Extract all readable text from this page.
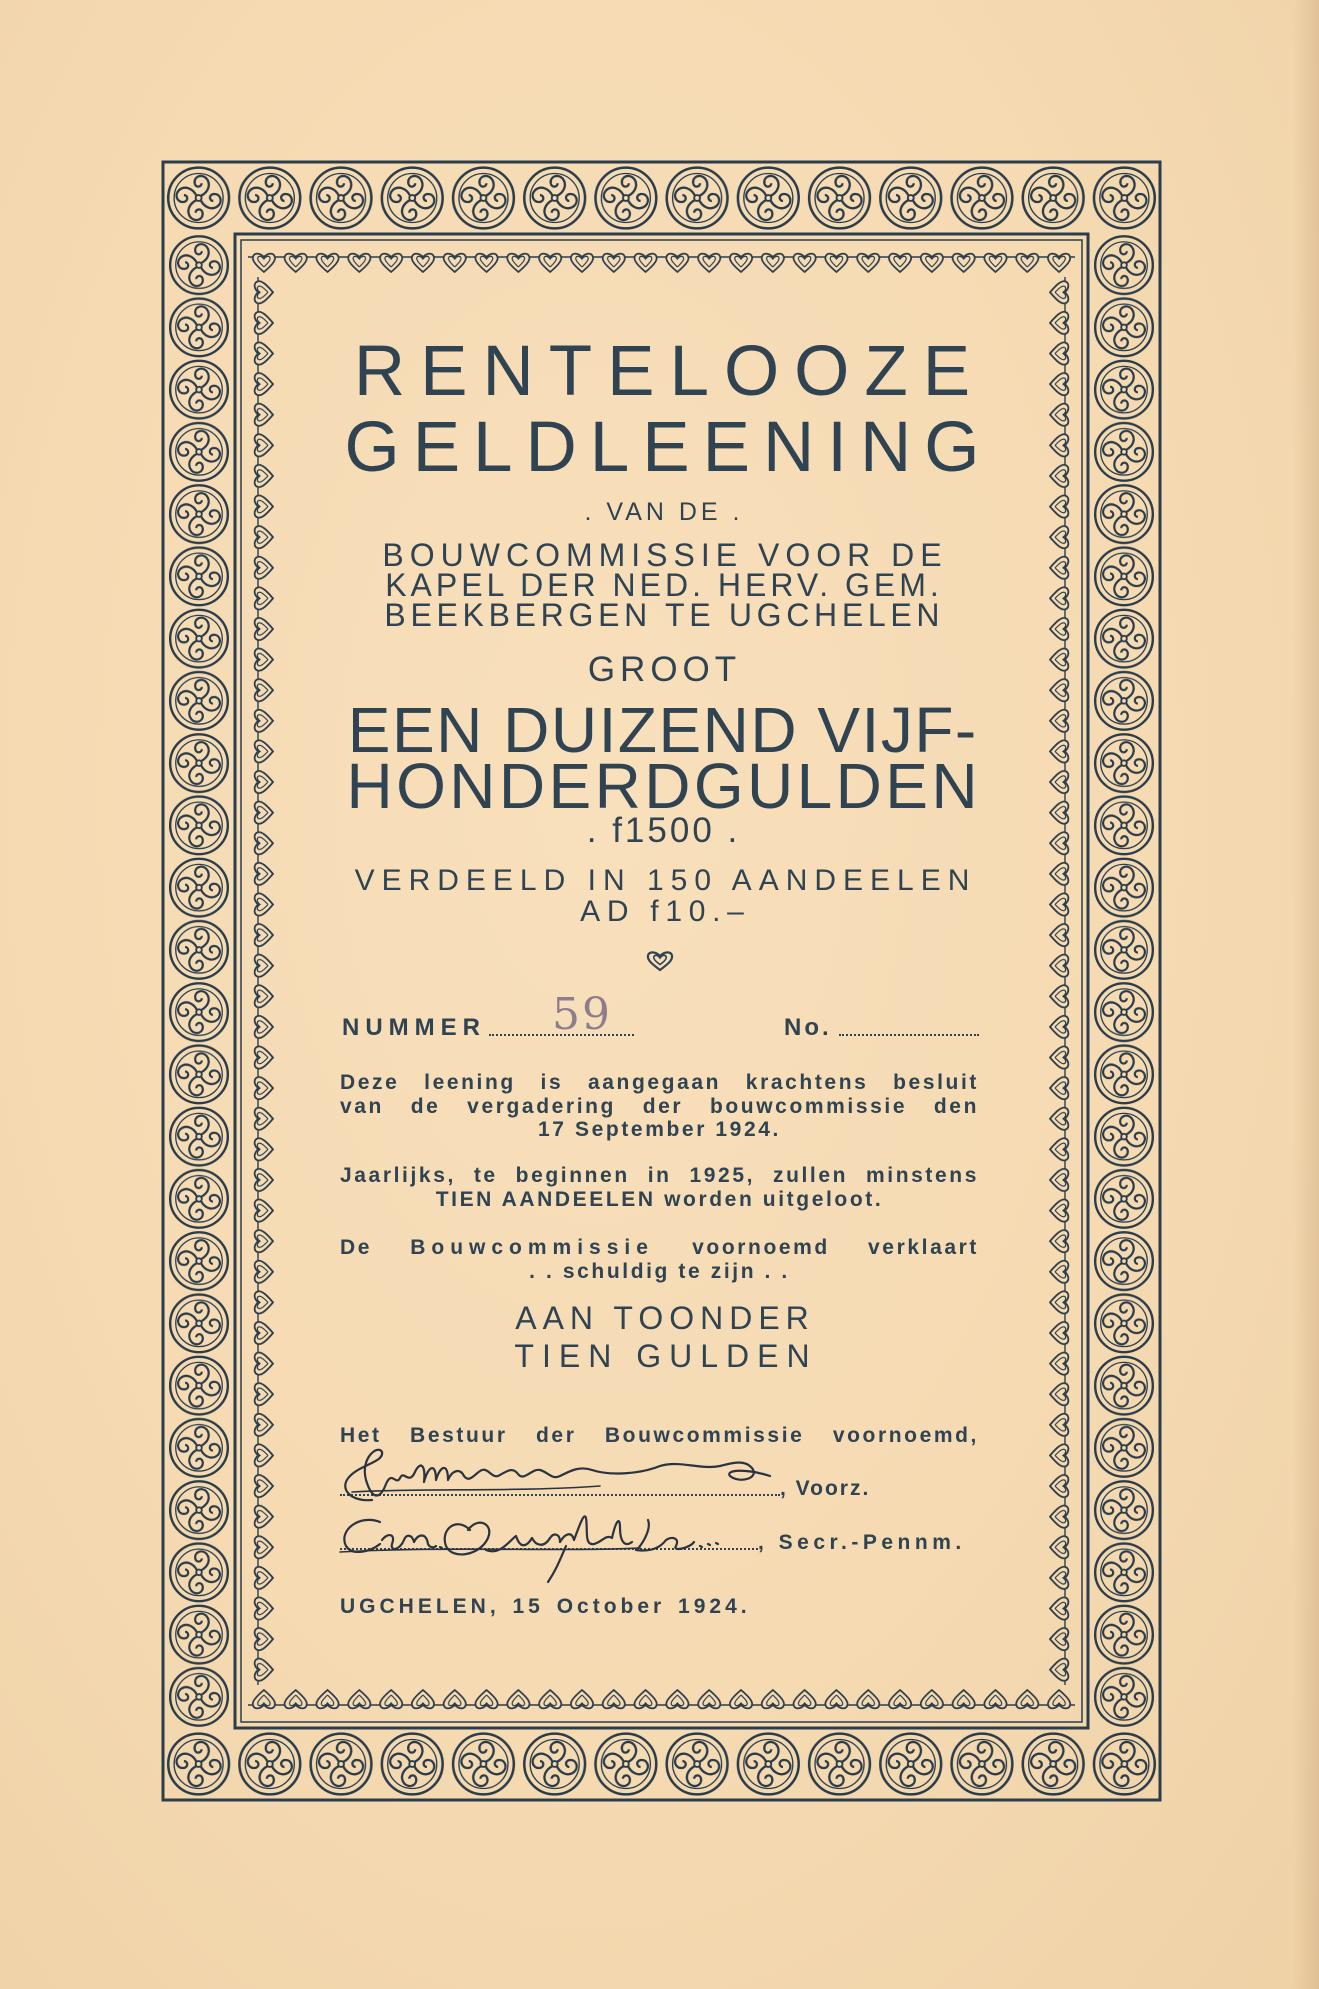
RENTELOOZE
GELDLEENING
. VAN DE .
BOUWCOMMISSIE VOOR DE
KAPEL DER NED. HERV. GEM.
BEEKBERGEN TE UGCHELEN
GROOT
EEN DUIZEND VIJF-
HONDERDGULDEN
. f1500 .
VERDEELD IN 150 AANDEELEN
AD f10.–
NUMMER 59	No.
Deze leening is aangegaan krachtens besluit
van de vergadering der bouwcommissie den
17 September 1924.
Jaarlijks, te beginnen in 1925, zullen minstens
TIEN AANDEELEN worden uitgeloot.
De Bouwcommissie voornoemd verklaart
. . schuldig te zijn . .
AAN TOONDER
TIEN GULDEN
Het Bestuur der Bouwcommissie voornoemd,
, Voorz.
, Secr.-Pennm.
UGCHELEN, 15 October 1924.
